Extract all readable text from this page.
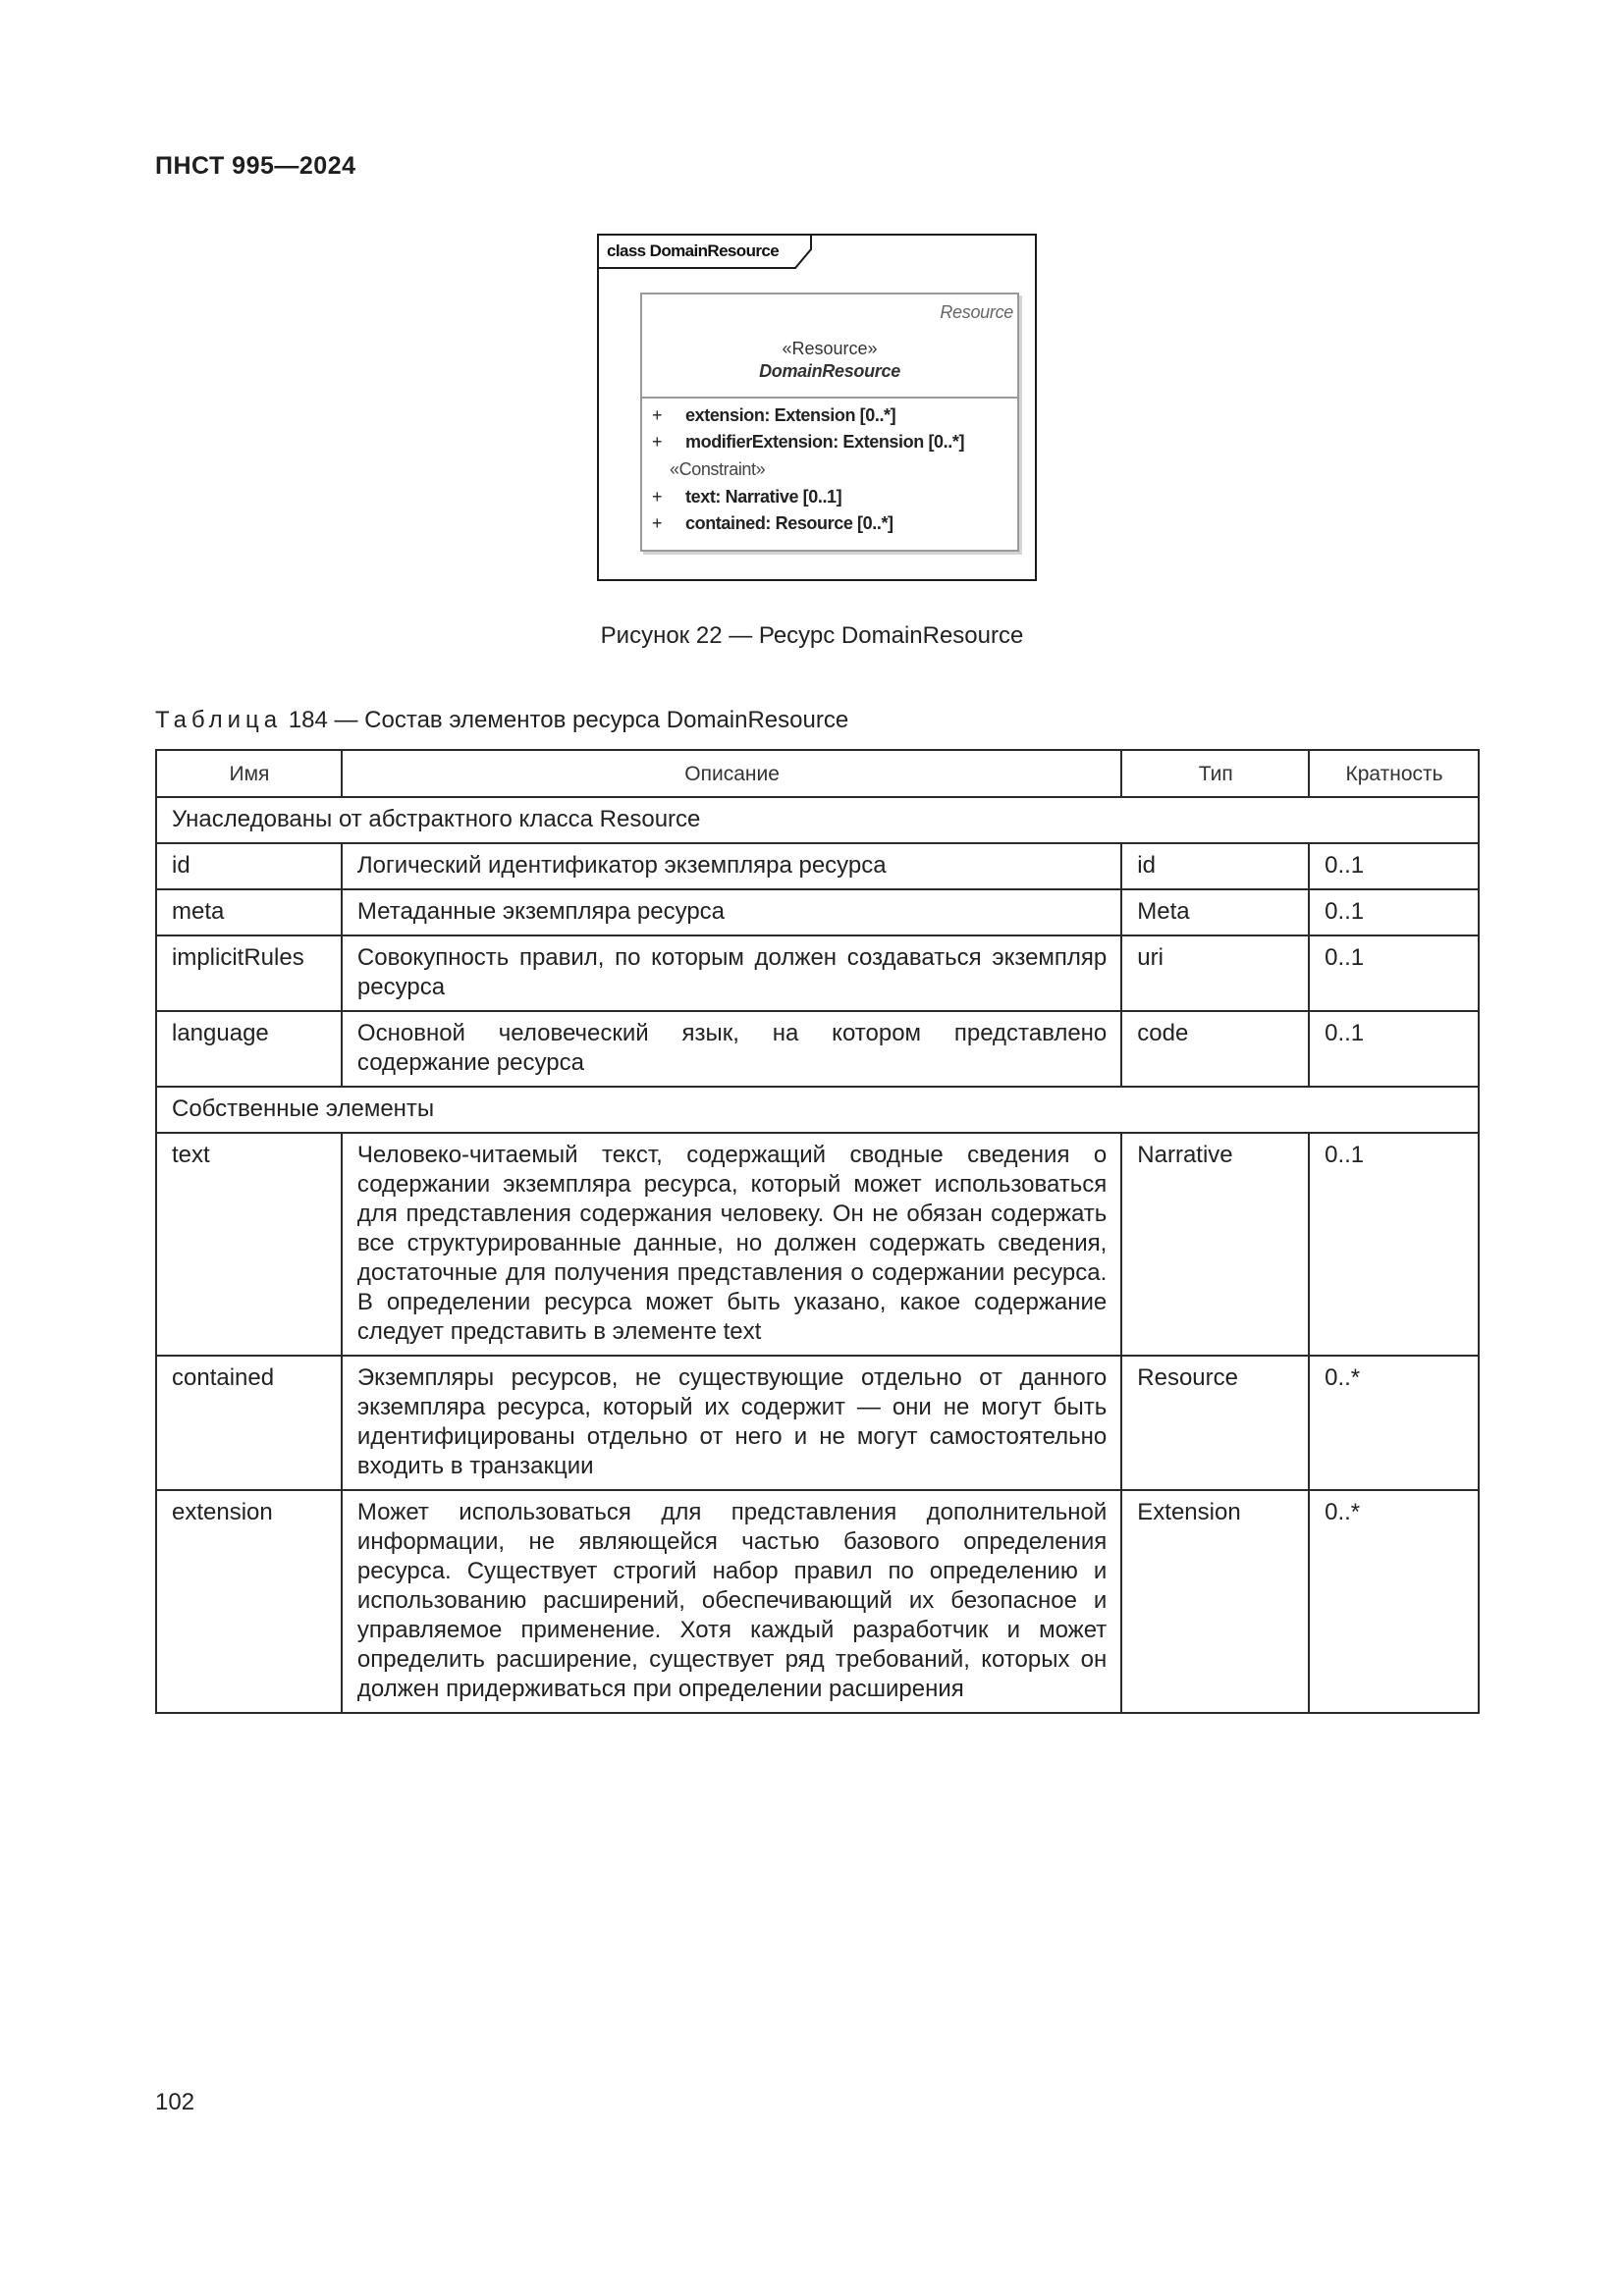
ПНСТ 995—2024
class DomainResource
Resource
«Resource»
DomainResource
+ extension: Extension [0..*]
+ modifierExtension: Extension [0..*]
«Constraint»
+ text: Narrative [0..1]
+ contained: Resource [0..*]
Рисунок 22 — Ресурс DomainResource
Таблица 184 — Состав элементов ресурса DomainResource
Имя	Описание	Тип	Кратность
Унаследованы от абстрактного класса Resource			
id	Логический идентификатор экземпляра ресурса	id	0..1
meta	Метаданные экземпляра ресурса	Meta	0..1
implicitRules	Совокупность правил, по которым должен создаваться экземпляр ресурса	uri	0..1
language	Основной человеческий язык, на котором представлено содержание ресурса	code	0..1
Собственные элементы			
text	Человеко-читаемый текст, содержащий сводные сведения о содержании экземпляра ресурса, который может использоваться для представления содержания человеку. Он не обязан содержать все структурированные данные, но должен содержать сведения, достаточные для получения представления о содержании ресурса. В определении ресурса может быть указано, какое содержание следует представить в элементе text	Narrative	0..1
contained	Экземпляры ресурсов, не существующие отдельно от данного экземпляра ресурса, который их содержит — они не могут быть идентифицированы отдельно от него и не могут самостоятельно входить в транзакции	Resource	0..*
extension	Может использоваться для представления дополнительной информации, не являющейся частью базового определения ресурса. Существует строгий набор правил по определению и использованию расширений, обеспечивающий их безопасное и управляемое применение. Хотя каждый разработчик и может определить расширение, существует ряд требований, которых он должен придерживаться при определении расширения	Extension	0..*
102
